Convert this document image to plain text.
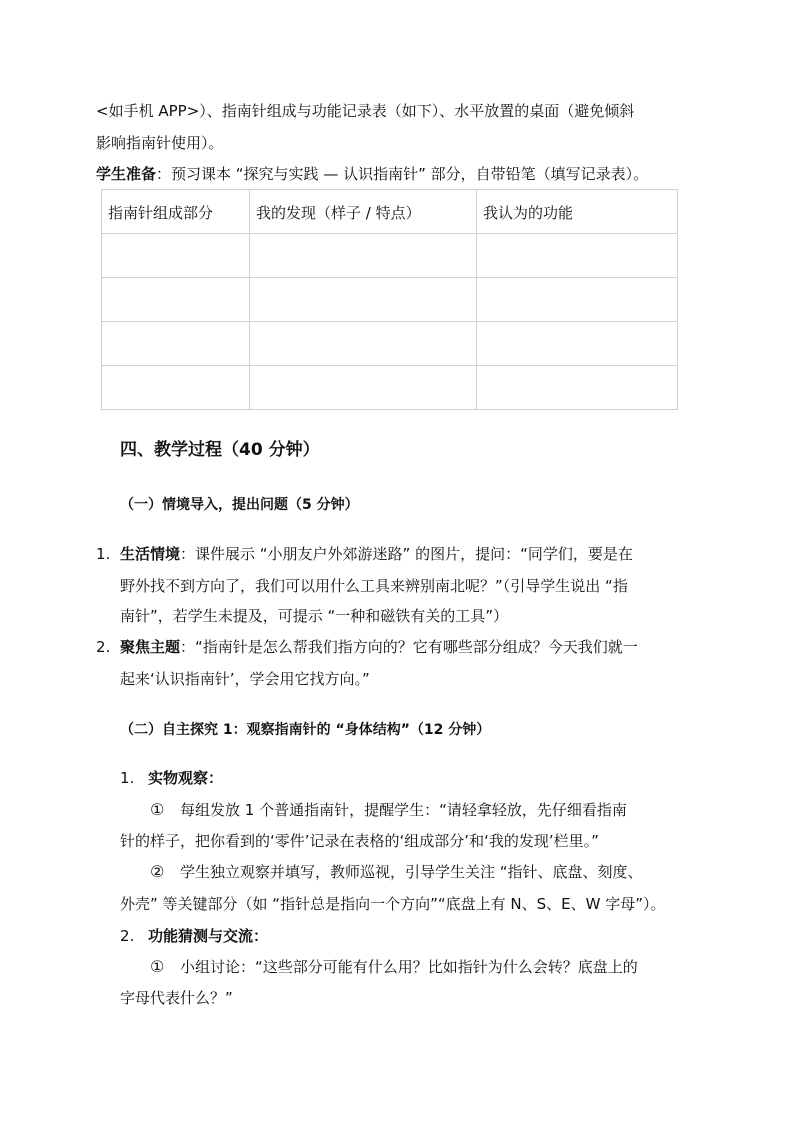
<如手机 APP>）、指南针组成与功能记录表（如下）、水平放置的桌面（避免倾斜
影响指南针使用）。
学生准备：预习课本 “探究与实践 — 认识指南针” 部分，自带铅笔（填写记录表）。
指南针组成部分	我的发现（样子 / 特点）	我认为的功能

四、教学过程（40 分钟）
（一）情境导入，提出问题（5 分钟）
1. 生活情境：课件展示 “小朋友户外郊游迷路” 的图片，提问：“同学们，要是在
野外找不到方向了，我们可以用什么工具来辨别南北呢？”（引导学生说出 “指
南针”，若学生未提及，可提示 “一种和磁铁有关的工具”）
2. 聚焦主题：“指南针是怎么帮我们指方向的？它有哪些部分组成？今天我们就一
起来‘认识指南针’，学会用它找方向。”
（二）自主探究 1：观察指南针的 “身体结构”（12 分钟）
1. 实物观察：
① 每组发放 1 个普通指南针，提醒学生：“请轻拿轻放，先仔细看指南
针的样子，把你看到的‘零件’记录在表格的‘组成部分’和‘我的发现’栏里。”
② 学生独立观察并填写，教师巡视，引导学生关注 “指针、底盘、刻度、
外壳” 等关键部分（如 “指针总是指向一个方向”“底盘上有 N、S、E、W 字母”）。
2. 功能猜测与交流：
① 小组讨论：“这些部分可能有什么用？比如指针为什么会转？底盘上的
字母代表什么？”
